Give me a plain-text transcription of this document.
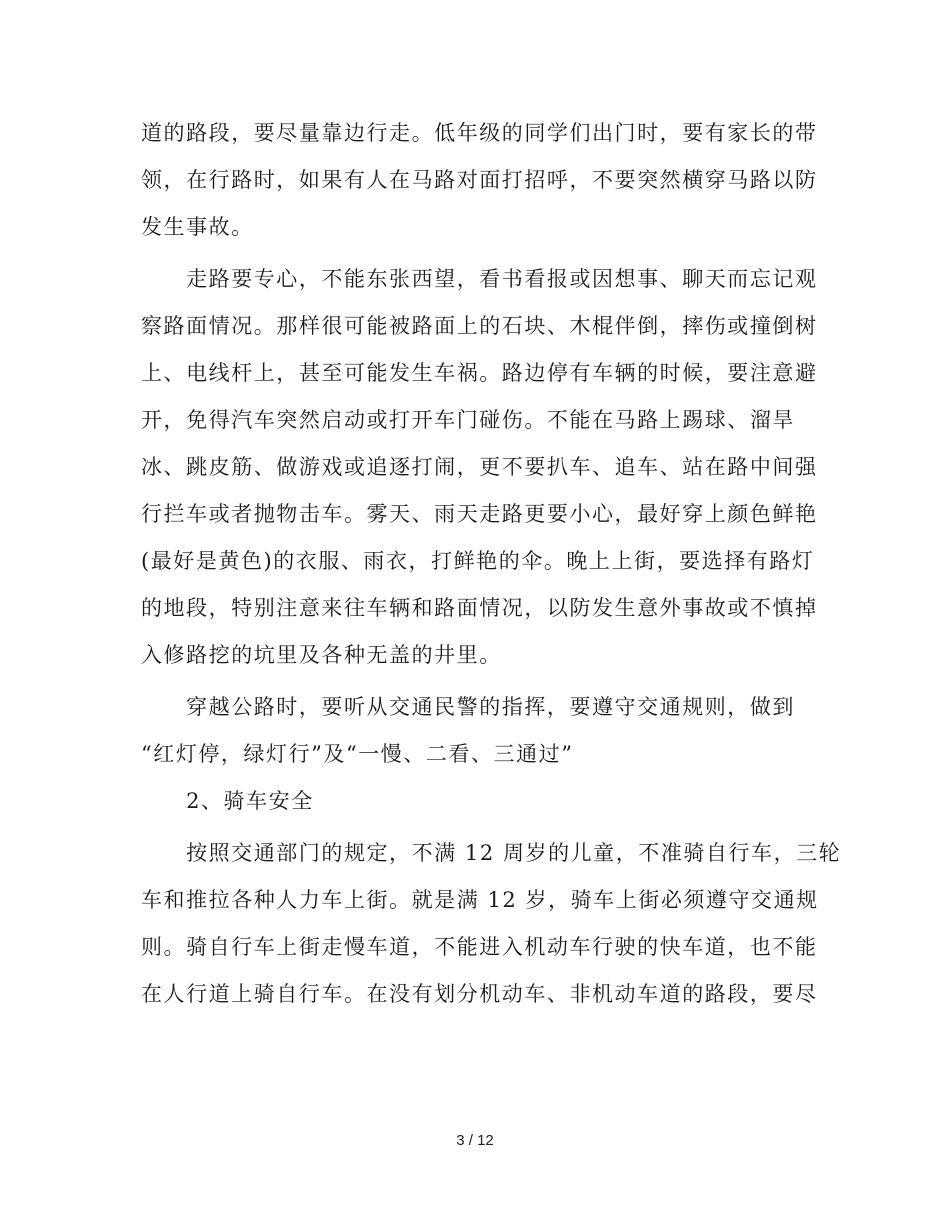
道的路段，要尽量靠边行走。低年级的同学们出门时，要有家长的带
领，在行路时，如果有人在马路对面打招呼，不要突然横穿马路以防
发生事故。
　　走路要专心，不能东张西望，看书看报或因想事、聊天而忘记观
察路面情况。那样很可能被路面上的石块、木棍伴倒，摔伤或撞倒树
上、电线杆上，甚至可能发生车祸。路边停有车辆的时候，要注意避
开，免得汽车突然启动或打开车门碰伤。不能在马路上踢球、溜旱
冰、跳皮筋、做游戏或追逐打闹，更不要扒车、追车、站在路中间强
行拦车或者抛物击车。雾天、雨天走路更要小心，最好穿上颜色鲜艳
(最好是黄色)的衣服、雨衣，打鲜艳的伞。晚上上街，要选择有路灯
的地段，特别注意来往车辆和路面情况，以防发生意外事故或不慎掉
入修路挖的坑里及各种无盖的井里。
　　穿越公路时，要听从交通民警的指挥，要遵守交通规则，做到
“红灯停，绿灯行”及“一慢、二看、三通过”
　　2、骑车安全
　　按照交通部门的规定，不满 12 周岁的儿童，不准骑自行车，三轮
车和推拉各种人力车上街。就是满 12 岁，骑车上街必须遵守交通规
则。骑自行车上街走慢车道，不能进入机动车行驶的快车道，也不能
在人行道上骑自行车。在没有划分机动车、非机动车道的路段，要尽
3 / 12
